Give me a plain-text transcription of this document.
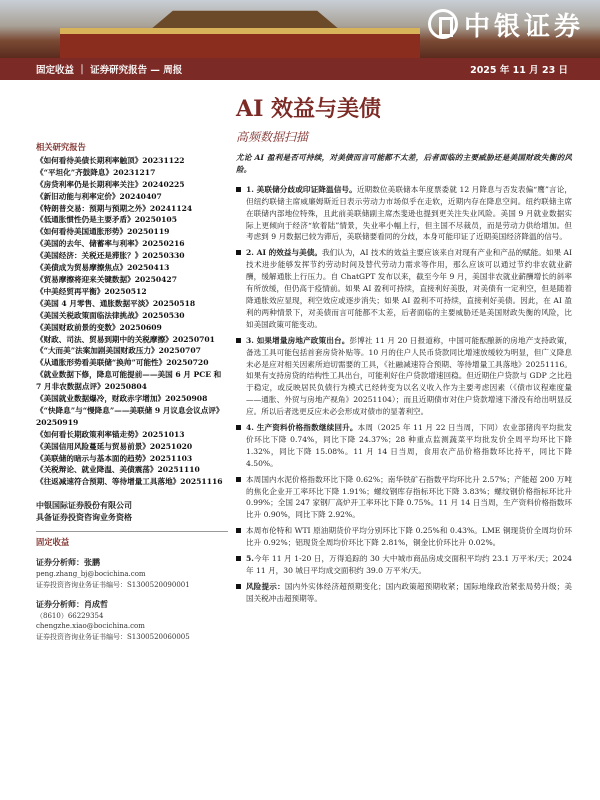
中银证券
固定收益 ｜ 证券研究报告 — 周报	2025 年 11 月 23 日
AI 效益与美债
高频数据扫描
相关研究报告
《如何看待美债长期利率触顶》20231122
《“平坦化”齐鼓降息》20231217
《房贷利率仍是长期利率关注》20240225
《新旧动能与利率定价》20240407
《特朗普交易：预期与预期之外》20241124
《低通胀惯性仍是主要矛盾》20250105
《如何看待美国通胀形势》20250119
《美国的去年、储蓄率与利率》20250216
《美国经济：关税还是滞胀？》20250330
《美债成为贸易摩擦焦点》20250413
《贸易摩擦将迎来关键数据》20250427
《中美经贸再平衡》20250512
《美国 4 月零售、通胀数据平淡》20250518
《美国关税政策面临法律挑战》20250530
《美国财政前景的变数》20250609
《财政、司法、贸易到期中的关税摩擦》20250701
《“大而美”法案加剧美国财政压力》20250707
《从通胀形势看美联储“换帅”可能性》20250720
《就业数据下修，降息可能提前——美国 6 月 PCE 和 7 月非农数据点评》20250804
《美国就业数据爆冷，财政赤字增加》20250908
《“快降息”与“慢降息”——美联储 9 月议息会议点评》20250919
《如何看长期政策利率锚走势》20251013
《美国信用风险蔓延与贸易前景》20251020
《美联储的暗示与基本面的趋势》20251103
《关税辩论、就业降温、美债震荡》20251110
《往返减速符合预期、等待增量工具落地》20251116
中银国际证券股份有限公司
具备证券投资咨询业务资格
固定收益
证券分析师：张鹏
peng.zhang_bj@bocichina.com
证券投资咨询业务证书编号：S1300520090001
证券分析师：肖成哲
（8610）66229354
chengzhe.xiao@bocichina.com
证券投资咨询业务证书编号：S1300520060005
尤论 AI 盈利是否可持续，对美债而言可能都不太差，后者面临的主要威胁还是美国财政失衡的风险。
1. 美联储分歧或印证降温信号。近期数位美联储本年度票委就 12 月降息与否发表偏“鹰”言论，但纽约联储主席威廉姆斯近日表示劳动力市场似乎在走软，近期内存在降息空间。纽约联储主席在联储内部地位特殊，且此前美联储副主席杰斐逊也提到更关注失业风险。美国 9 月就业数据实际上更倾向于经济“软着陆”情景，失业率小幅上行，但主国不尽裁员，而是劳动力供给增加。但考虑到 9 月数据已较为滞后，美联储要看同的分歧，本身可能印证了近期美国经济降温的信号。
2. AI 的效益与美债。我们认为，AI 技术的效益主要应该来自对现有产业和产品的赋能。如果 AI 技术进步能够发挥节约劳动时间及替代劳动力需求等作用，那么应该可以通过节约非农就业薪酬，缓解通胀上行压力。自 ChatGPT 发布以来，截至今年 9 月，美国非农就业薪酬增长的斜率有所放缓，但仍高于疫情前。如果 AI 盈利可持续，直接利好美股，对美债有一定利空，但是随着降通胀效应显现，利空效应或逐步消失；如果 AI 盈利不可持续，直接利好美债。因此，在 AI 盈利的两种情景下，对美债而言可能都不太差，后者面临的主要威胁还是美国财政失衡的风险，比如美国政策可能变动。
3. 如果增量房地产政策出台。彭博社 11 月 20 日报道称，中国可能酝酿新的房地产支持政策，备选工具可能包括首套房贷补贴等。10 月的住户人民币贷款同比增速放缓较为明显，但广义降息未必是应对相关因素所迫切需要的工具，《社融减速符合预期、等待增量工具落地》20251116。如果有支持房贷的结构性工具出台，可能利好住户贷款增速回稳。但近期住户贷款与 GDP 之比趋于稳定，或反映居民负债行为模式已经转变为以名义收入作为主要考虑因素（《债市议程难度量——通胀、外贸与房地产视角》20251104）；而且近期债市对住户贷款增速下滑没有给出明显反应。所以后者选更反应未必会形成对债市的显著利空。
4. 生产资料价格指数继续回升。本周（2025 年 11 月 22 日当周，下同）农业部猪肉平均批发价环比下降 0.74%，同比下降 24.37%；28 种重点监测蔬菜平均批发价全周平均环比下降 1.32%，同比下降 15.08%。11 月 14 日当周，食用农产品价格指数环比持平，同比下降 4.50%。
本周国内水泥价格指数环比下降 0.62%；南华铁矿石指数平均环比升 2.57%；产能超 200 万吨的焦化企业开工率环比下降 1.91%；螺纹钢库存指标环比下降 3.83%；螺纹钢价格指标环比升 0.99%；全国 247 家钢厂高炉开工率环比下降 0.75%。11 月 14 日当周，生产资料价格指数环比升 0.90%，同比下降 2.92%。
本周布伦特和 WTI 原油期货价平均分别环比下降 0.25%和 0.43%。LME 铜现货价全周均价环比升 0.92%；铝现货全周均价环比下降 2.81%，铜金比价环比升 0.02%。
5.今年 11 月 1-20 日，万得追踪的 30 大中城市商品房成交面积平均约 23.1 万平米/天；2024 年 11 月，30 城日平均成交面积约 39.0 万平米/天。
风险提示：国内外实体经济超预期变化；国内政策超预期收紧；国际地缘政治紧张局势升级；美国关税冲击超预期等。
